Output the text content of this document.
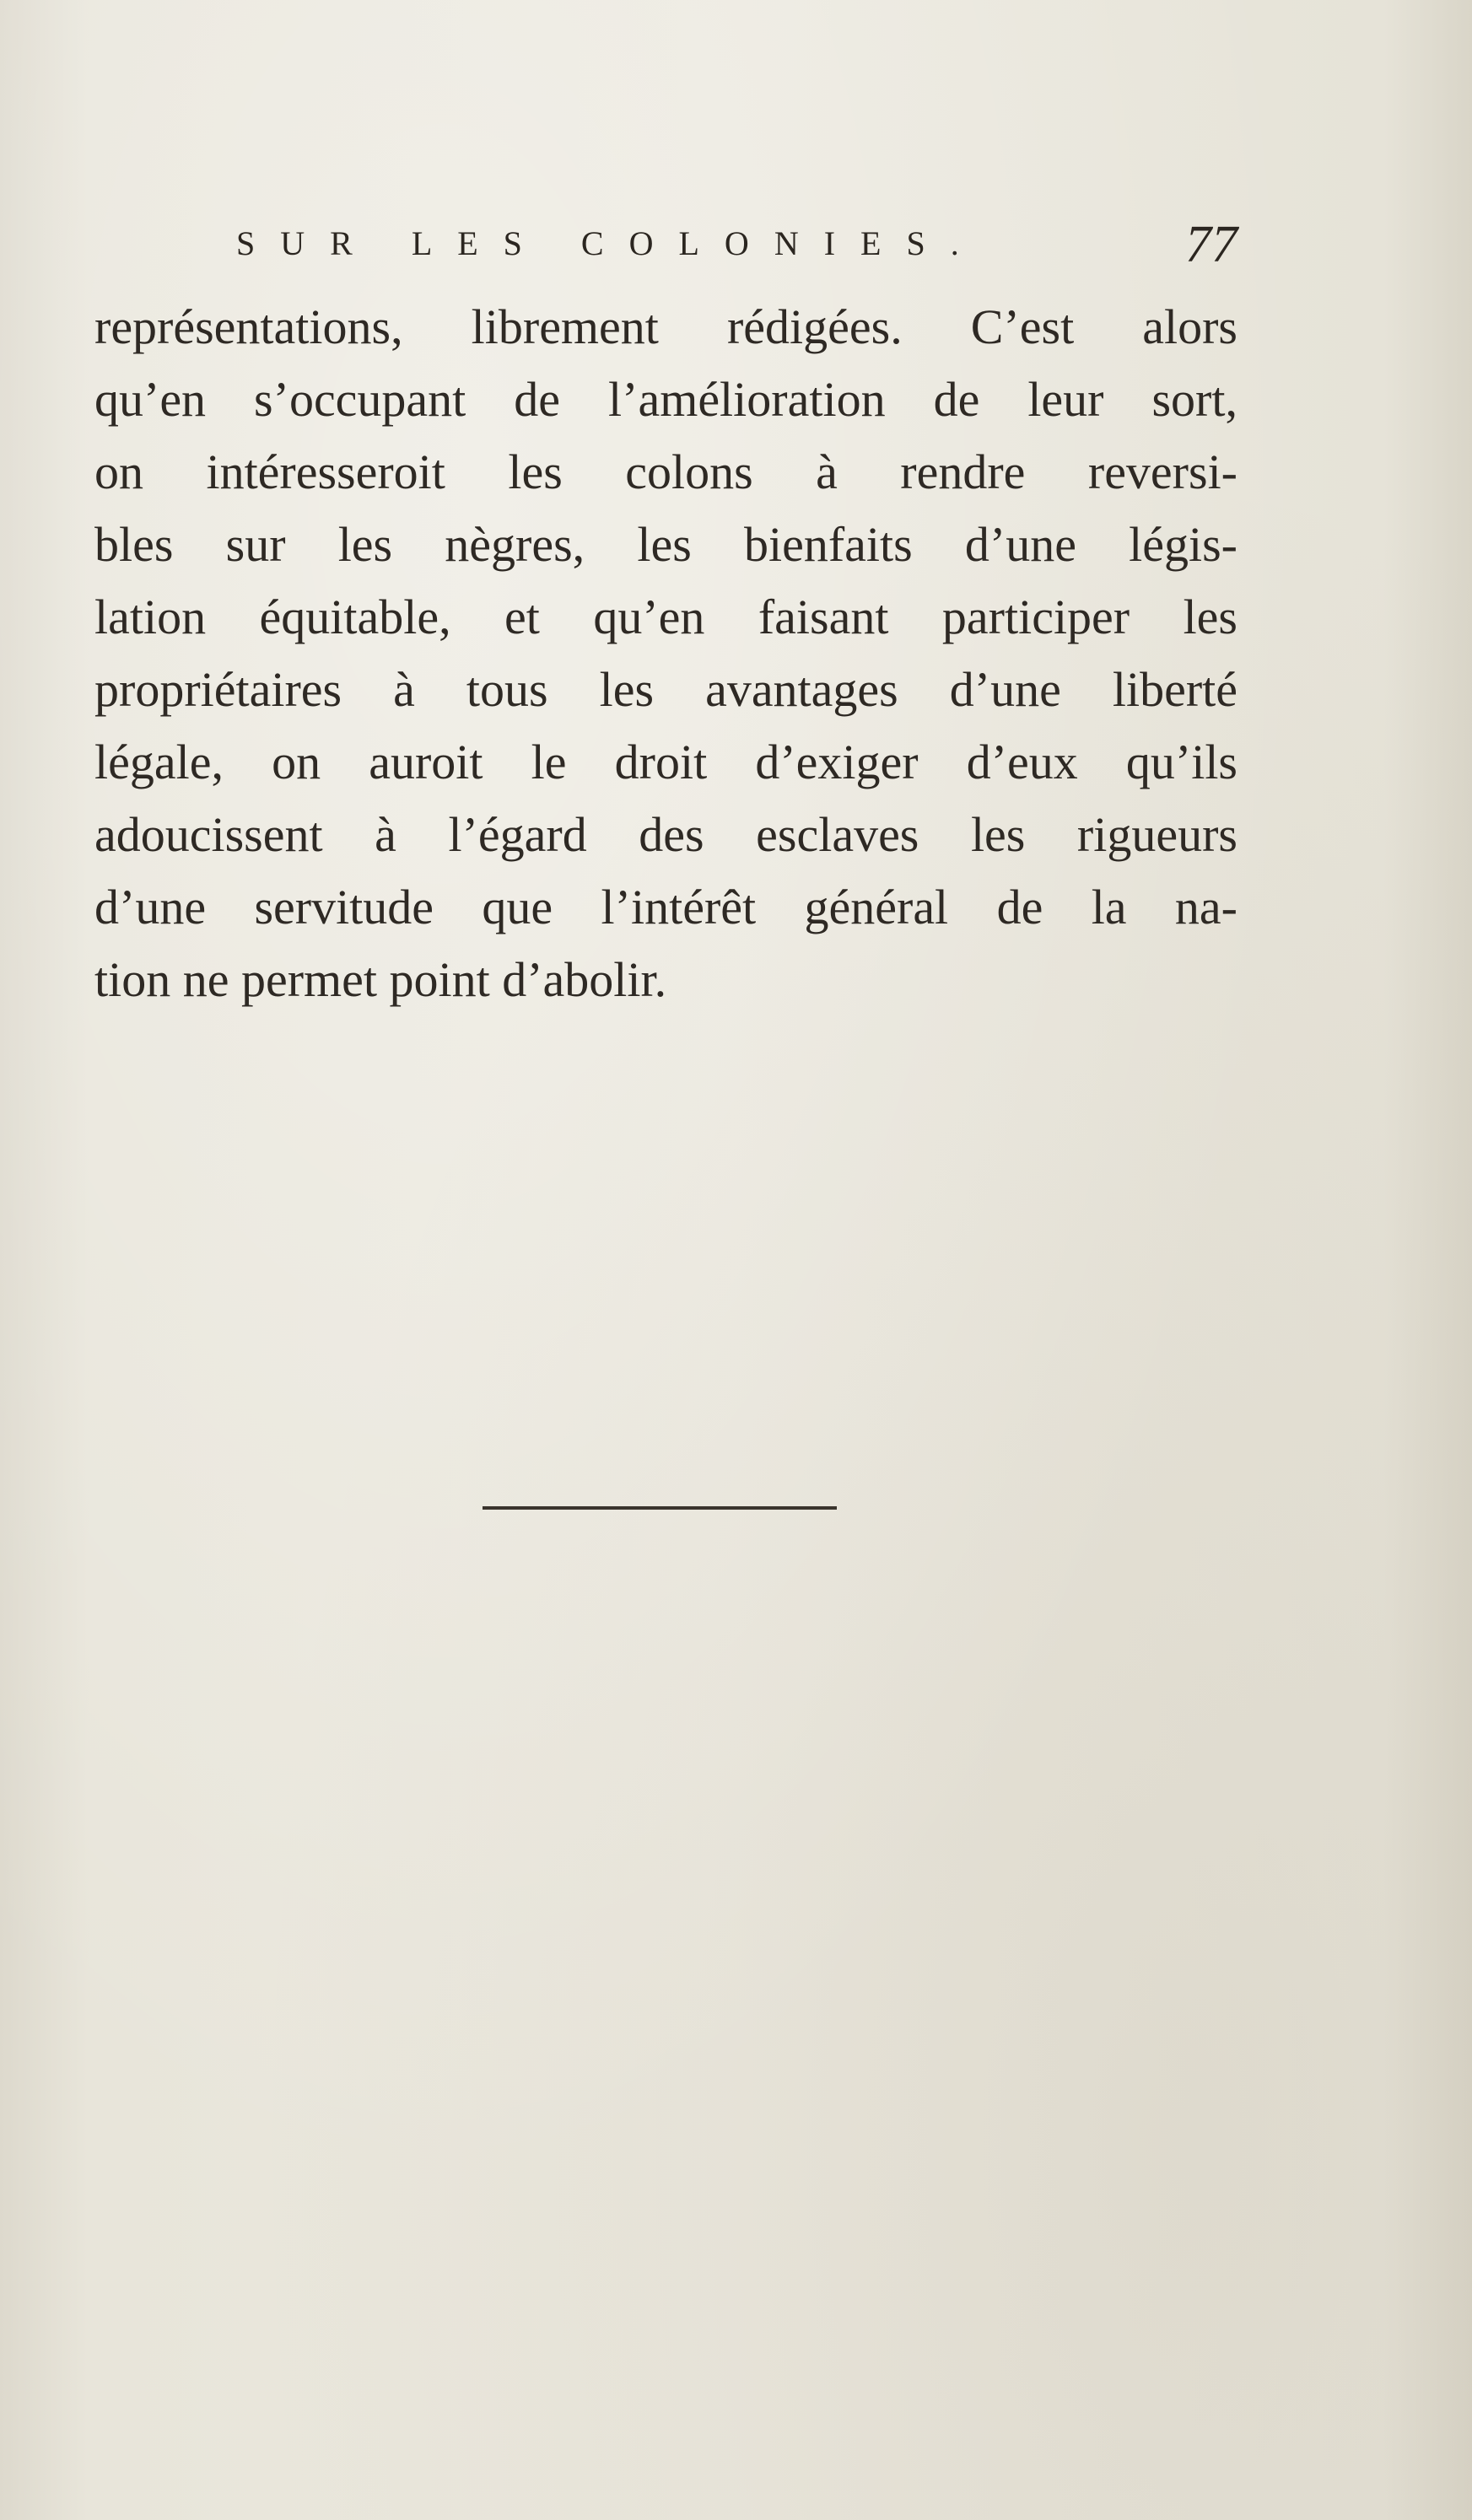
SUR LES COLONIES.	77
représentations, librement rédigées. C’est alors
qu’en s’occupant de l’amélioration de leur sort,
on intéresseroit les colons à rendre reversi-
bles sur les nègres, les bienfaits d’une légis-
lation équitable, et qu’en faisant participer les
propriétaires à tous les avantages d’une liberté
légale, on auroit le droit d’exiger d’eux qu’ils
adoucissent à l’égard des esclaves les rigueurs
d’une servitude que l’intérêt général de la na-
tion ne permet point d’abolir.
